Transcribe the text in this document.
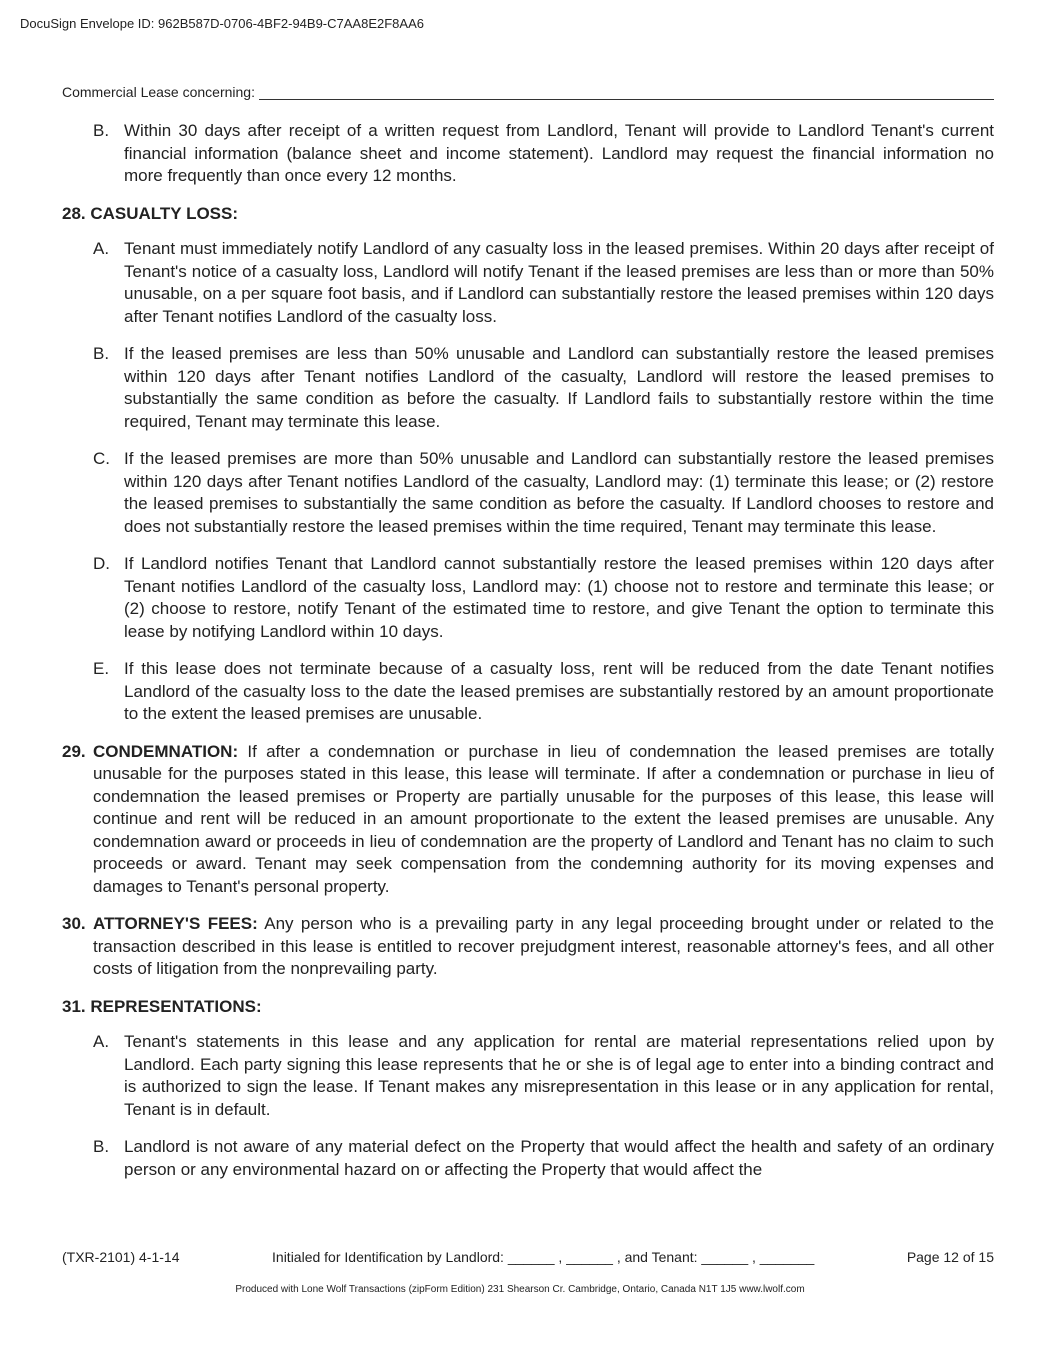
DocuSign Envelope ID: 962B587D-0706-4BF2-94B9-C7AA8E2F8AA6
Commercial Lease concerning:
B. Within 30 days after receipt of a written request from Landlord, Tenant will provide to Landlord Tenant's current financial information (balance sheet and income statement). Landlord may request the financial information no more frequently than once every 12 months.
28. CASUALTY LOSS:
A. Tenant must immediately notify Landlord of any casualty loss in the leased premises. Within 20 days after receipt of Tenant's notice of a casualty loss, Landlord will notify Tenant if the leased premises are less than or more than 50% unusable, on a per square foot basis, and if Landlord can substantially restore the leased premises within 120 days after Tenant notifies Landlord of the casualty loss.
B. If the leased premises are less than 50% unusable and Landlord can substantially restore the leased premises within 120 days after Tenant notifies Landlord of the casualty, Landlord will restore the leased premises to substantially the same condition as before the casualty. If Landlord fails to substantially restore within the time required, Tenant may terminate this lease.
C. If the leased premises are more than 50% unusable and Landlord can substantially restore the leased premises within 120 days after Tenant notifies Landlord of the casualty, Landlord may: (1) terminate this lease; or (2) restore the leased premises to substantially the same condition as before the casualty. If Landlord chooses to restore and does not substantially restore the leased premises within the time required, Tenant may terminate this lease.
D. If Landlord notifies Tenant that Landlord cannot substantially restore the leased premises within 120 days after Tenant notifies Landlord of the casualty loss, Landlord may: (1) choose not to restore and terminate this lease; or (2) choose to restore, notify Tenant of the estimated time to restore, and give Tenant the option to terminate this lease by notifying Landlord within 10 days.
E. If this lease does not terminate because of a casualty loss, rent will be reduced from the date Tenant notifies Landlord of the casualty loss to the date the leased premises are substantially restored by an amount proportionate to the extent the leased premises are unusable.
29. CONDEMNATION: If after a condemnation or purchase in lieu of condemnation the leased premises are totally unusable for the purposes stated in this lease, this lease will terminate. If after a condemnation or purchase in lieu of condemnation the leased premises or Property are partially unusable for the purposes of this lease, this lease will continue and rent will be reduced in an amount proportionate to the extent the leased premises are unusable. Any condemnation award or proceeds in lieu of condemnation are the property of Landlord and Tenant has no claim to such proceeds or award. Tenant may seek compensation from the condemning authority for its moving expenses and damages to Tenant's personal property.
30. ATTORNEY'S FEES: Any person who is a prevailing party in any legal proceeding brought under or related to the transaction described in this lease is entitled to recover prejudgment interest, reasonable attorney's fees, and all other costs of litigation from the nonprevailing party.
31. REPRESENTATIONS:
A. Tenant's statements in this lease and any application for rental are material representations relied upon by Landlord. Each party signing this lease represents that he or she is of legal age to enter into a binding contract and is authorized to sign the lease. If Tenant makes any misrepresentation in this lease or in any application for rental, Tenant is in default.
B. Landlord is not aware of any material defect on the Property that would affect the health and safety of an ordinary person or any environmental hazard on or affecting the Property that would affect the
(TXR-2101) 4-1-14	Initialed for Identification by Landlord: ______ , ______ , and Tenant: ______ , _______	Page 12 of 15
Produced with Lone Wolf Transactions (zipForm Edition) 231 Shearson Cr. Cambridge, Ontario, Canada N1T 1J5 www.lwolf.com
